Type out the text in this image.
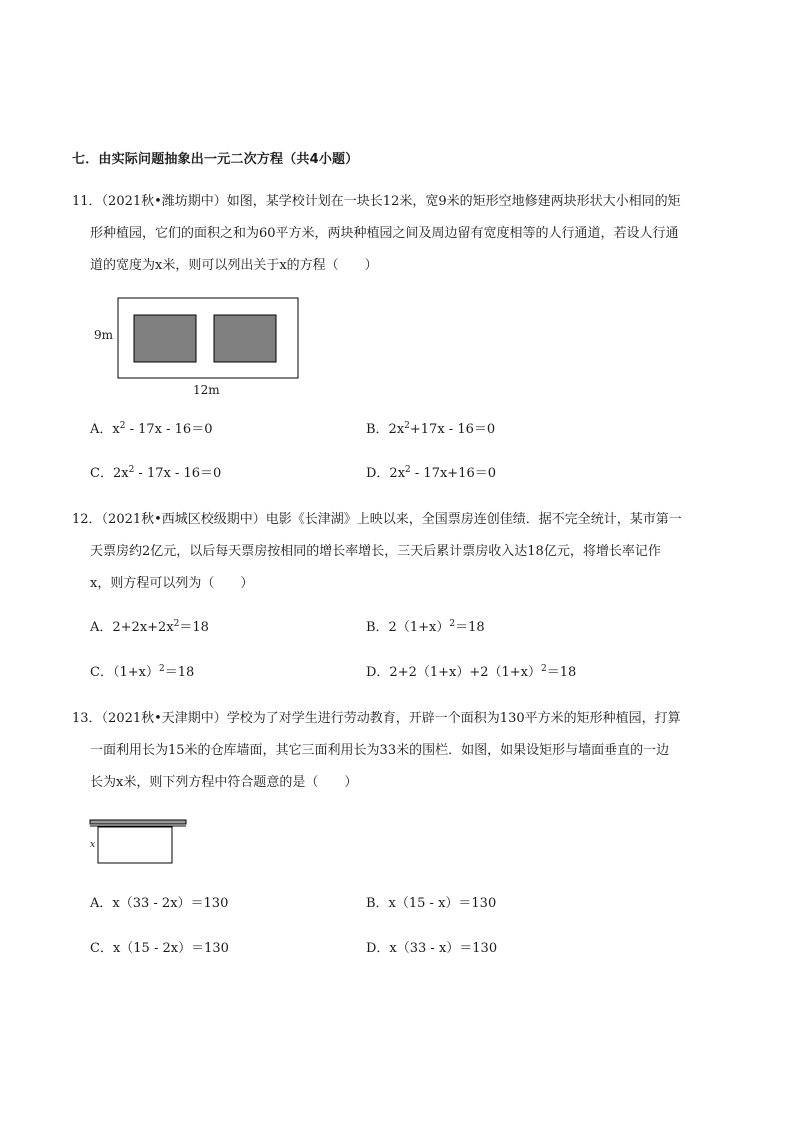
七．由实际问题抽象出一元二次方程（共4小题）
11．（2021秋•潍坊期中）如图，某学校计划在一块长12米，宽9米的矩形空地修建两块形状大小相同的矩
形种植园，它们的面积之和为60平方米，两块种植园之间及周边留有宽度相等的人行通道，若设人行通
道的宽度为x米，则可以列出关于x的方程（　　）
9m
12m
A．$x^2 - 17x - 16=0$	B．$2x^2+17x - 16=0$
C．$2x^2 - 17x - 16=0$	D．$2x^2 - 17x+16=0$
12．（2021秋•西城区校级期中）电影《长津湖》上映以来，全国票房连创佳绩．据不完全统计，某市第一
天票房约2亿元，以后每天票房按相同的增长率增长，三天后累计票房收入达18亿元，将增长率记作
x，则方程可以列为（　　）
A．$2+2x+2x^2=18$	B．$2(1+x)^2=18$
C．$(1+x)^2=18$	D．$2+2(1+x)+2(1+x)^2=18$
13．（2021秋•天津期中）学校为了对学生进行劳动教育，开辟一个面积为130平方米的矩形种植园，打算
一面利用长为15米的仓库墙面，其它三面利用长为33米的围栏．如图，如果设矩形与墙面垂直的一边
长为x米，则下列方程中符合题意的是（　　）
x
A．x（33 - 2x）＝130	B．x（15 - x）＝130
C．x（15 - 2x）＝130	D．x（33 - x）＝130
